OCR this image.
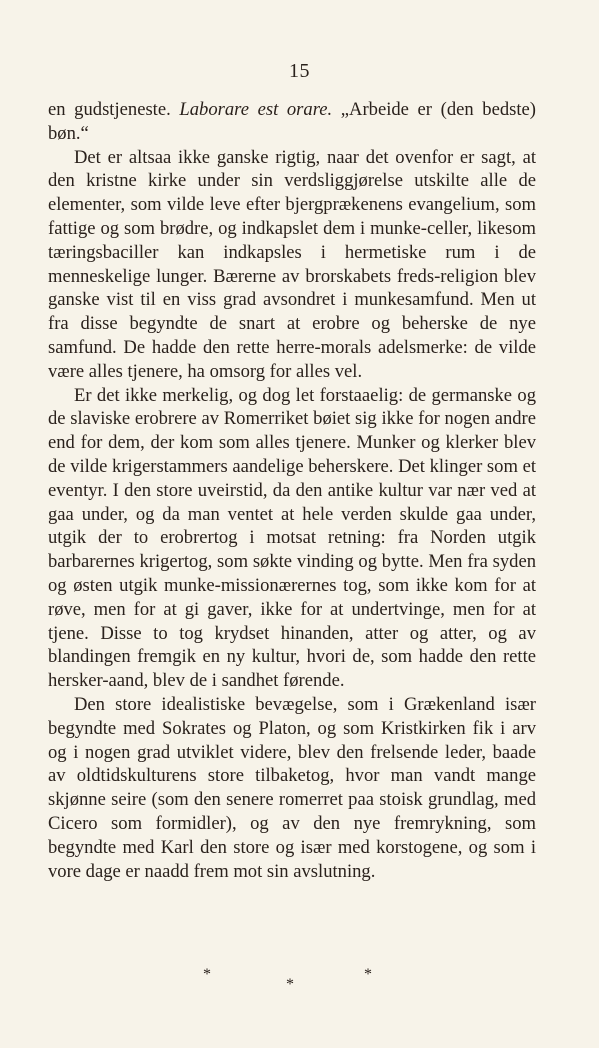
15

en gudstjeneste. Laborare est orare. „Arbeide er (den bedste) bøn.“

Det er altsaa ikke ganske rigtig, naar det ovenfor er sagt, at den kristne kirke under sin verdsliggjørelse utskilte alle de elementer, som vilde leve efter bjergprækenens evangelium, som fattige og som brødre, og indkapslet dem i munke-celler, likesom tæringsbaciller kan indkapsles i hermetiske rum i de menneskelige lunger. Bærerne av brorskabets freds-religion blev ganske vist til en viss grad avsondret i munkesamfund. Men ut fra disse begyndte de snart at erobre og beherske de nye samfund. De hadde den rette herre-morals adelsmerke: de vilde være alles tjenere, ha omsorg for alles vel.

Er det ikke merkelig, og dog let forstaaelig: de germanske og de slaviske erobrere av Romerriket bøiet sig ikke for nogen andre end for dem, der kom som alles tjenere. Munker og klerker blev de vilde krigerstammers aandelige beherskere. Det klinger som et eventyr. I den store uveirstid, da den antike kultur var nær ved at gaa under, og da man ventet at hele verden skulde gaa under, utgik der to erobrertog i motsat retning: fra Norden utgik barbarernes krigertog, som søkte vinding og bytte. Men fra syden og østen utgik munke-missionærernes tog, som ikke kom for at røve, men for at gi gaver, ikke for at undertvinge, men for at tjene. Disse to tog krydset hinanden, atter og atter, og av blandingen fremgik en ny kultur, hvori de, som hadde den rette hersker-aand, blev de i sandhet førende.

Den store idealistiske bevægelse, som i Grækenland især begyndte med Sokrates og Platon, og som Kristkirken fik i arv og i nogen grad utviklet videre, blev den frelsende leder, baade av oldtidskulturens store tilbaketog, hvor man vandt mange skjønne seire (som den senere romerret paa stoisk grundlag, med Cicero som formidler), og av den nye fremrykning, som begyndte med Karl den store og især med korstogene, og som i vore dage er naadd frem mot sin avslutning.

*
*
*
